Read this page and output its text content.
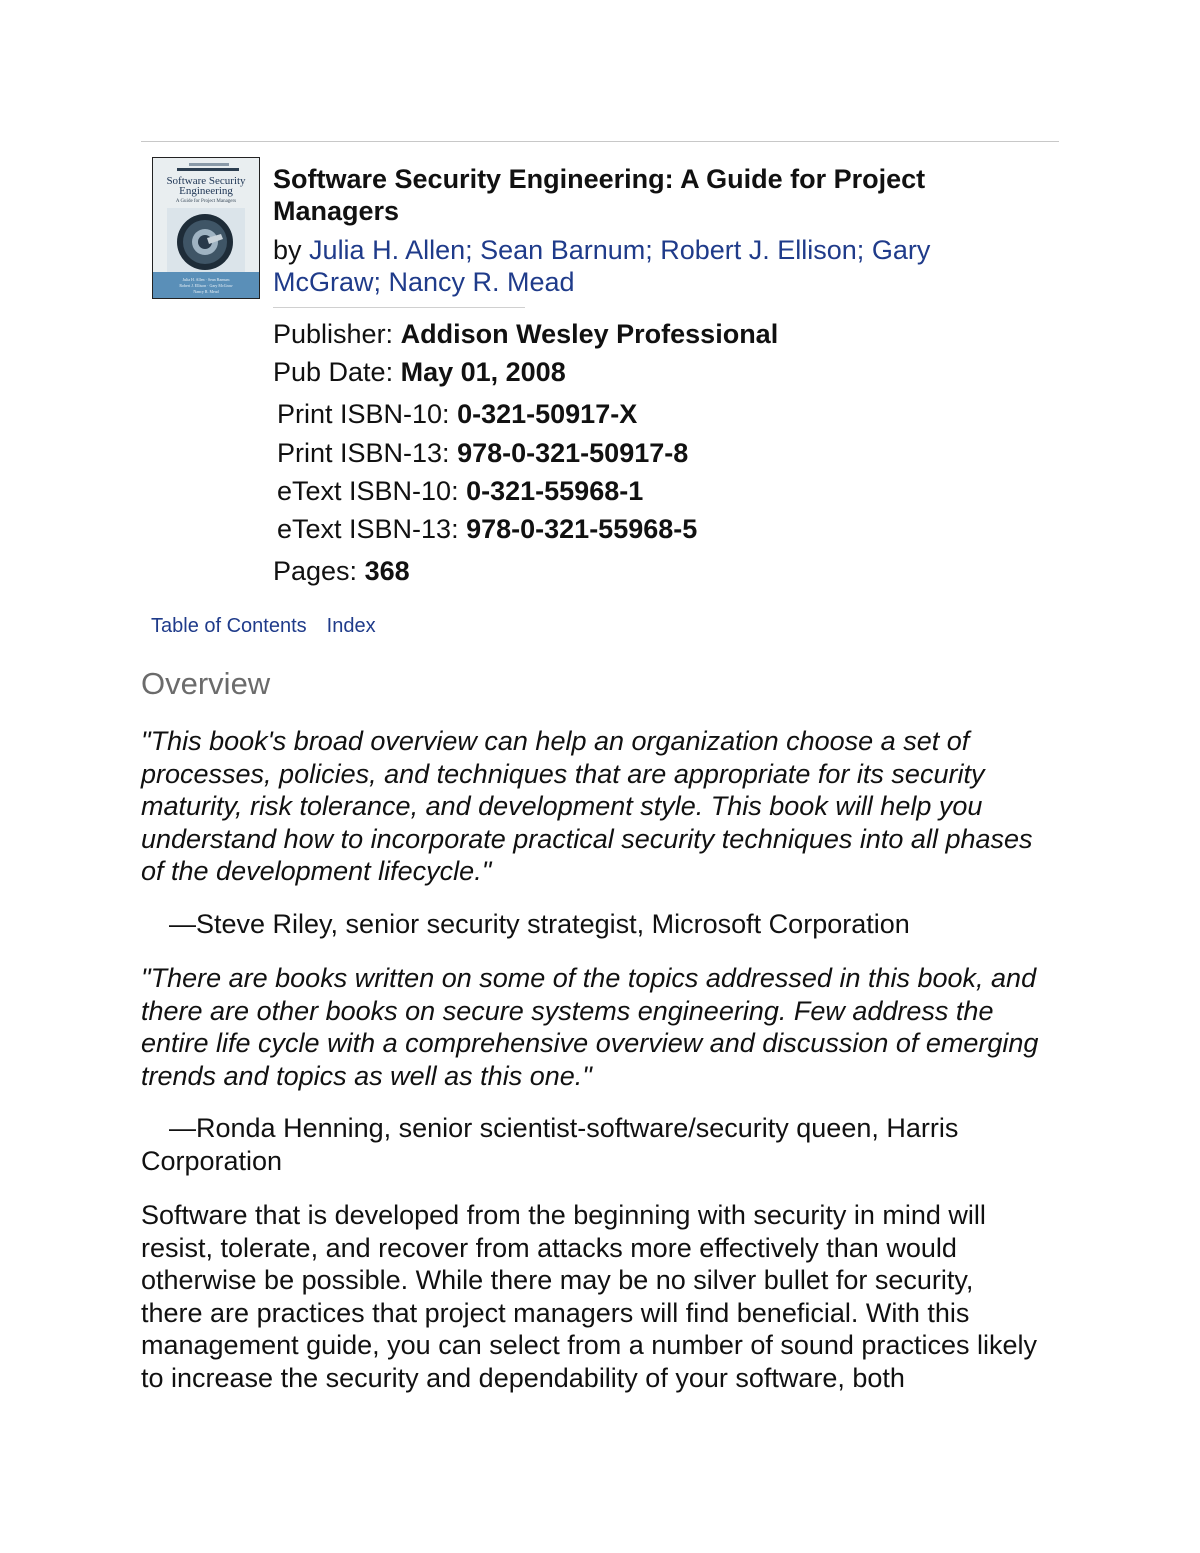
Software Security
Engineering
A Guide for Project Managers
Julia H. Allen · Sean Barnum
Robert J. Ellison · Gary McGraw
Nancy R. Mead
Software Security Engineering: A Guide for Project Managers

by Julia H. Allen; Sean Barnum; Robert J. Ellison; Gary McGraw; Nancy R. Mead

Publisher: Addison Wesley Professional

Pub Date: May 01, 2008

Print ISBN-10: 0-321-50917-X

Print ISBN-13: 978-0-321-50917-8

eText ISBN-10: 0-321-55968-1

eText ISBN-13: 978-0-321-55968-5

Pages: 368

Table of Contents Index
Overview

"This book's broad overview can help an organization choose a set of processes, policies, and techniques that are appropriate for its security maturity, risk tolerance, and development style. This book will help you understand how to incorporate practical security techniques into all phases of the development lifecycle."

—Steve Riley, senior security strategist, Microsoft Corporation

"There are books written on some of the topics addressed in this book, and there are other books on secure systems engineering. Few address the entire life cycle with a comprehensive overview and discussion of emerging trends and topics as well as this one."

—Ronda Henning, senior scientist-software/security queen, Harris Corporation

Software that is developed from the beginning with security in mind will resist, tolerate, and recover from attacks more effectively than would otherwise be possible. While there may be no silver bullet for security, there are practices that project managers will find beneficial. With this management guide, you can select from a number of sound practices likely to increase the security and dependability of your software, both
